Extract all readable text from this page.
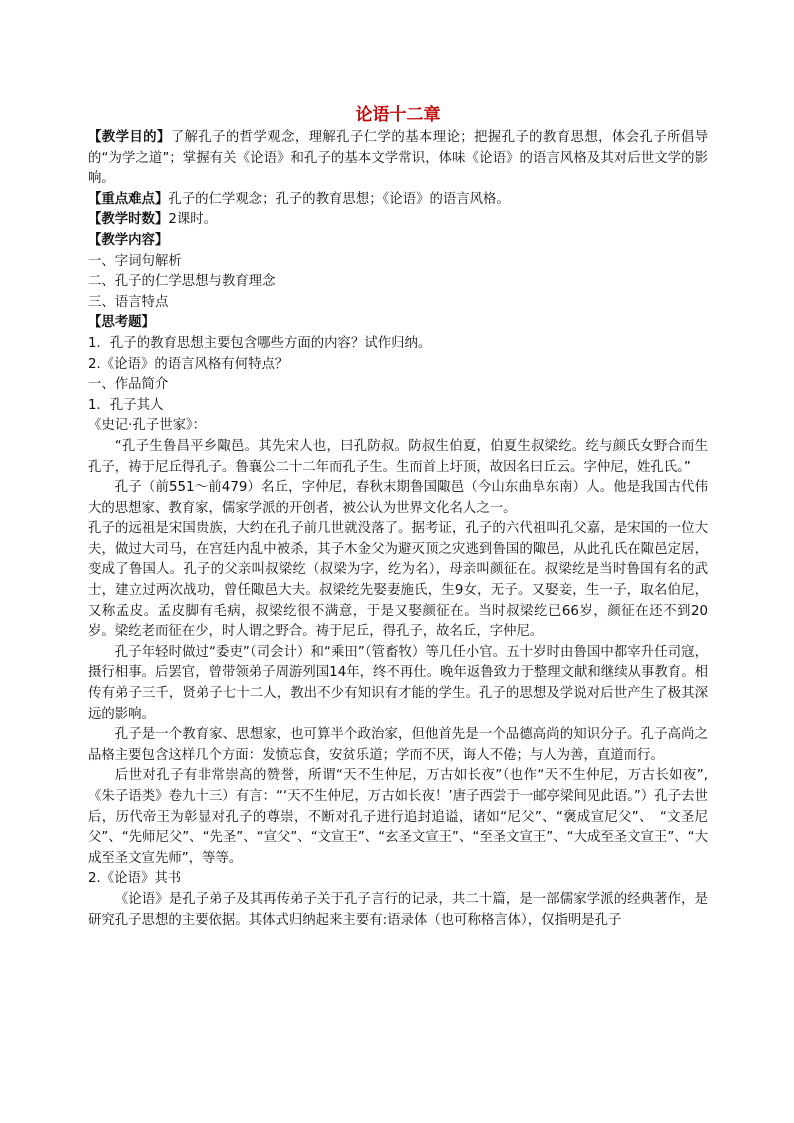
论语十二章

【教学目的】了解孔子的哲学观念，理解孔子仁学的基本理论；把握孔子的教育思想，体会孔子所倡导的“为学之道”；掌握有关《论语》和孔子的基本文学常识，体味《论语》的语言风格及其对后世文学的影响。

【重点难点】孔子的仁学观念；孔子的教育思想；《论语》的语言风格。

【教学时数】2课时。

【教学内容】

一、字词句解析

二、孔子的仁学思想与教育理念

三、语言特点

【思考题】

1．孔子的教育思想主要包含哪些方面的内容？试作归纳。

2.《论语》的语言风格有何特点？

一、作品简介

1．孔子其人

《史记·孔子世家》：

“孔子生鲁昌平乡陬邑。其先宋人也，曰孔防叔。防叔生伯夏，伯夏生叔梁纥。纥与颜氏女野合而生孔子，祷于尼丘得孔子。鲁襄公二十二年而孔子生。生而首上圩顶，故因名曰丘云。字仲尼，姓孔氏。”

孔子（前551～前479）名丘，字仲尼，春秋末期鲁国陬邑（今山东曲阜东南）人。他是我国古代伟大的思想家、教育家，儒家学派的开创者，被公认为世界文化名人之一。

孔子的远祖是宋国贵族，大约在孔子前几世就没落了。据考证，孔子的六代祖叫孔父嘉，是宋国的一位大夫，做过大司马，在宫廷内乱中被杀，其子木金父为避灭顶之灾逃到鲁国的陬邑，从此孔氏在陬邑定居，变成了鲁国人。孔子的父亲叫叔梁纥（叔梁为字，纥为名），母亲叫颜征在。叔梁纥是当时鲁国有名的武士，建立过两次战功，曾任陬邑大夫。叔梁纥先娶妻施氏，生9女，无子。又娶妾，生一子，取名伯尼，又称孟皮。孟皮脚有毛病，叔梁纥很不满意，于是又娶颜征在。当时叔梁纥已66岁，颜征在还不到20岁。梁纥老而征在少，时人谓之野合。祷于尼丘，得孔子，故名丘，字仲尼。

孔子年轻时做过“委吏”（司会计）和“乘田”（管畜牧）等几任小官。五十岁时由鲁国中都宰升任司寇，摄行相事。后罢官，曾带领弟子周游列国14年，终不再仕。晚年返鲁致力于整理文献和继续从事教育。相传有弟子三千，贤弟子七十二人，教出不少有知识有才能的学生。孔子的思想及学说对后世产生了极其深远的影响。

孔子是一个教育家、思想家，也可算半个政治家，但他首先是一个品德高尚的知识分子。孔子高尚之品格主要包含这样几个方面：发愤忘食，安贫乐道；学而不厌，诲人不倦；与人为善，直道而行。

后世对孔子有非常崇高的赞誉，所谓“天不生仲尼，万古如长夜”（也作“天不生仲尼，万古长如夜”,《朱子语类》卷九十三）有言：“‘天不生仲尼，万古如长夜！’唐子西尝于一邮亭梁间见此语。”）孔子去世后，历代帝王为彰显对孔子的尊崇，不断对孔子进行追封追谥，诸如“尼父”、“褒成宣尼父”、　“文圣尼父”、“先师尼父”、“先圣”、“宣父”、“文宣王”、“玄圣文宣王”、“至圣文宣王”、“大成至圣文宣王”、“大成至圣文宣先师”，等等。

2.《论语》其书

《论语》是孔子弟子及其再传弟子关于孔子言行的记录，共二十篇，是一部儒家学派的经典著作，是研究孔子思想的主要依据。其体式归纳起来主要有:语录体（也可称格言体），仅指明是孔子
